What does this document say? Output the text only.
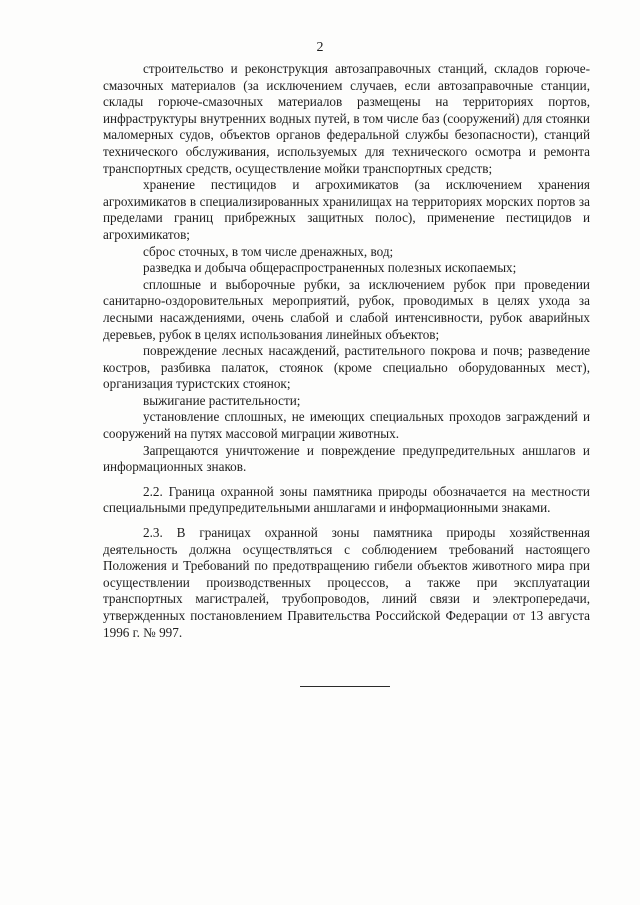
2

строительство и реконструкция автозаправочных станций, складов горюче-смазочных материалов (за исключением случаев, если автозаправочные станции, склады горюче-смазочных материалов размещены на территориях портов, инфраструктуры внутренних водных путей, в том числе баз (сооружений) для стоянки маломерных судов, объектов органов федеральной службы безопасности), станций технического обслуживания, используемых для технического осмотра и ремонта транспортных средств, осуществление мойки транспортных средств;

хранение пестицидов и агрохимикатов (за исключением хранения агрохимикатов в специализированных хранилищах на территориях морских портов за пределами границ прибрежных защитных полос), применение пестицидов и агрохимикатов;

сброс сточных, в том числе дренажных, вод;

разведка и добыча общераспространенных полезных ископаемых;

сплошные и выборочные рубки, за исключением рубок при проведении санитарно-оздоровительных мероприятий, рубок, проводимых в целях ухода за лесными насаждениями, очень слабой и слабой интенсивности, рубок аварийных деревьев, рубок в целях использования линейных объектов;

повреждение лесных насаждений, растительного покрова и почв; разведение костров, разбивка палаток, стоянок (кроме специально оборудованных мест), организация туристских стоянок;

выжигание растительности;

установление сплошных, не имеющих специальных проходов заграждений и сооружений на путях массовой миграции животных.

Запрещаются уничтожение и повреждение предупредительных аншлагов и информационных знаков.

2.2. Граница охранной зоны памятника природы обозначается на местности специальными предупредительными аншлагами и информационными знаками.

2.3. В границах охранной зоны памятника природы хозяйственная деятельность должна осуществляться с соблюдением требований настоящего Положения и Требований по предотвращению гибели объектов животного мира при осуществлении производственных процессов, а также при эксплуатации транспортных магистралей, трубопроводов, линий связи и электропередачи, утвержденных постановлением Правительства Российской Федерации от 13 августа 1996 г. № 997.
